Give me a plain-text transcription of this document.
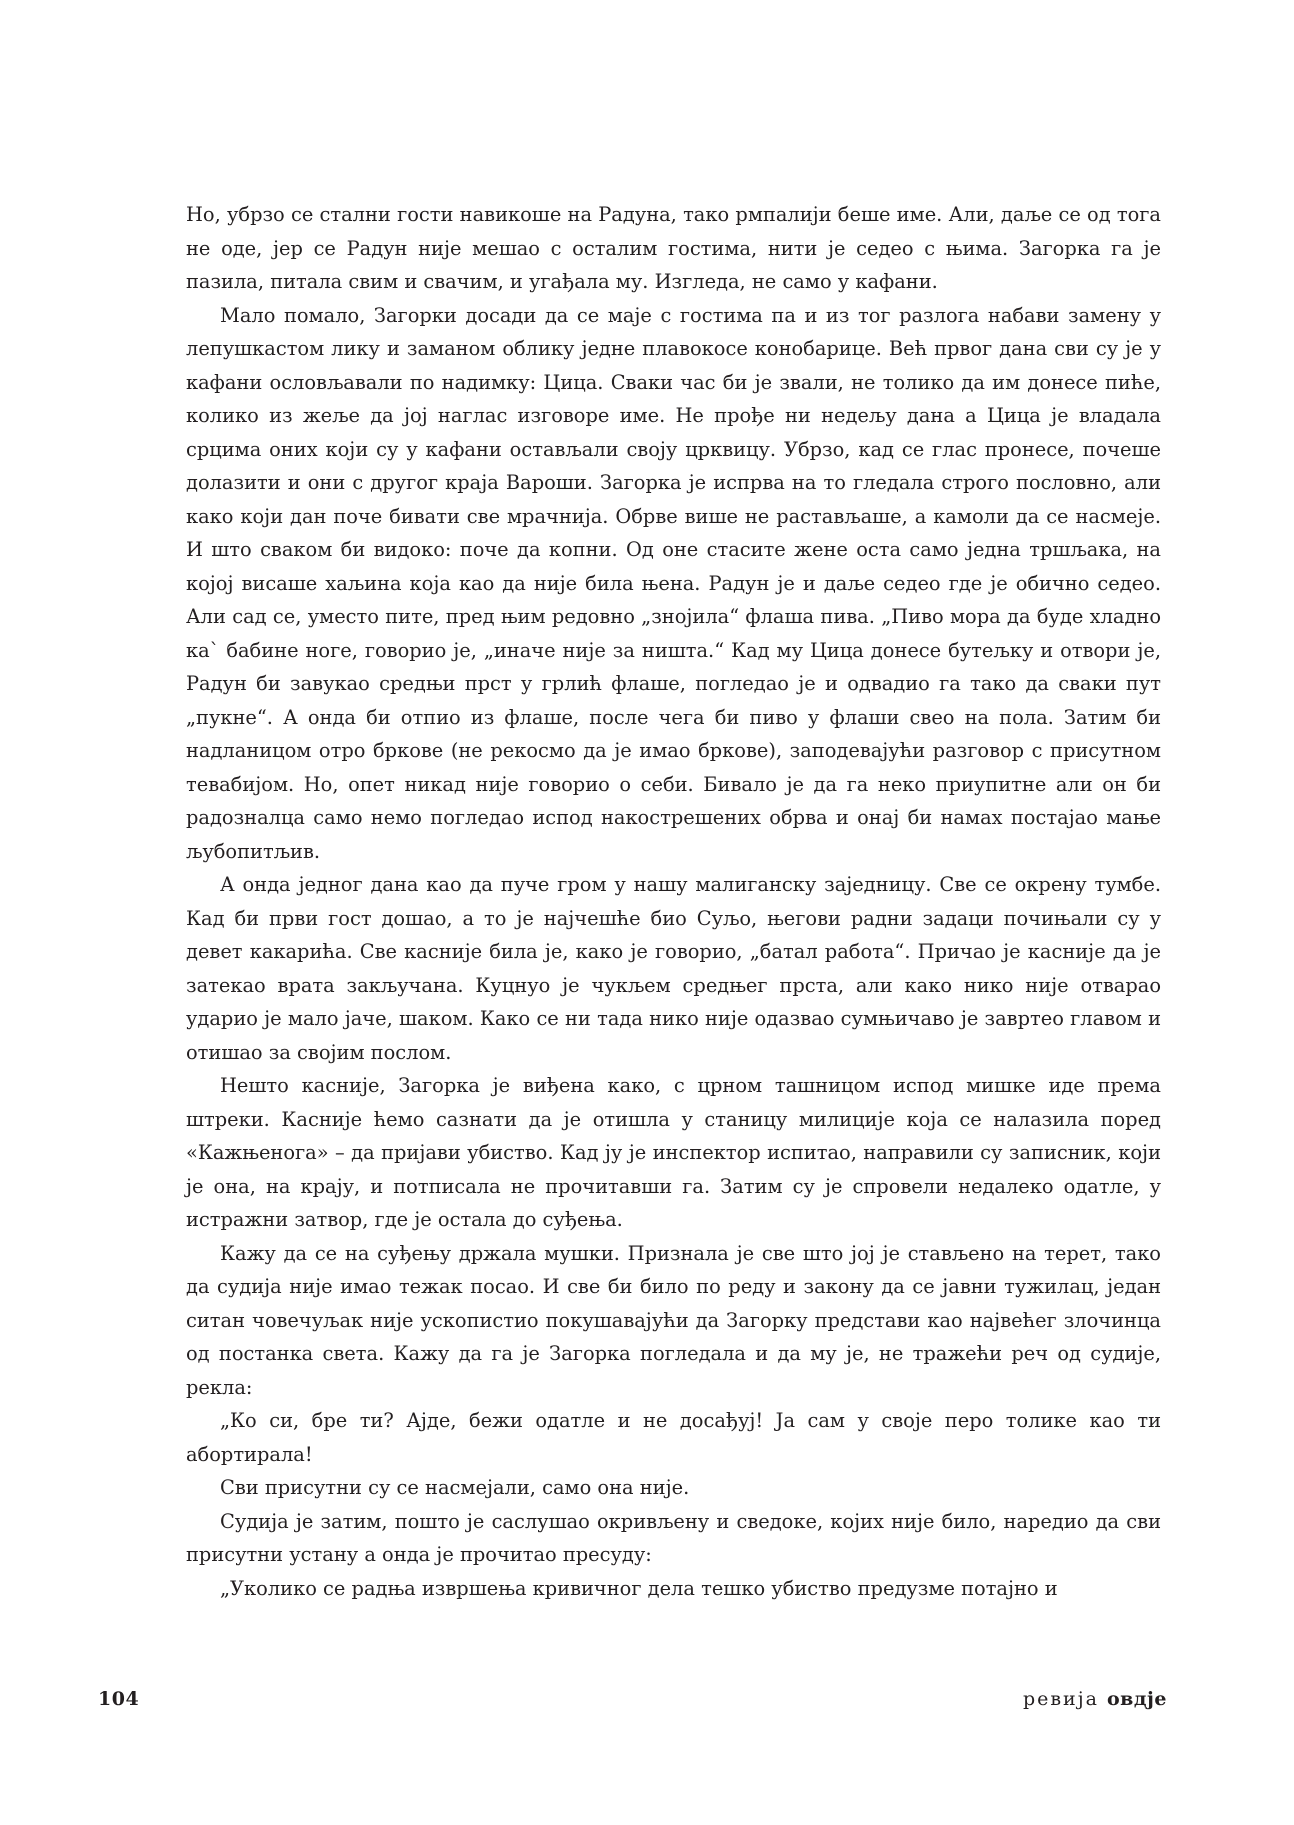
Но, убрзо се стални гости навикоше на Радуна, тако рмпалији беше име. Али, даље се од тога не оде, јер се Радун није мешао с осталим гостима, нити је седео с њима. Загорка га је пазила, питала свим и свачим, и угађала му. Изгледа, не само у кафани.

Мало помало, Загорки досади да се маје с гостима па и из тог разлога набави замену у лепушкастом лику и заманом облику једне плавокосе конобарице. Већ првог дана сви су је у кафани ословљавали по надимку: Цица. Сваки час би је звали, не толико да им донесе пиће, колико из жеље да јој наглас изговоре име. Не прође ни недељу дана а Цица је владала срцима оних који су у кафани остављали своју црквицу. Убрзо, кад се глас пронесе, почеше долазити и они с другог краја Вароши. Загорка је испрва на то гледала строго пословно, али како који дан поче бивати све мрачнија. Обрве више не растављаше, а камоли да се насмеје. И што сваком би видоко: поче да копни. Од оне стасите жене оста само једна тршљака, на којој висаше хаљина која као да није била њена. Радун је и даље седео где је обично седео. Али сад се, уместо пите, пред њим редовно „знојила“ флаша пива. „Пиво мора да буде хладно ка` бабине ноге, говорио је, „иначе није за ништа.“ Кад му Цица донесе бутељку и отвори је, Радун би завукао средњи прст у грлић флаше, погледао је и одвадио га тако да сваки пут „пукне“. А онда би отпио из флаше, после чега би пиво у флаши свео на пола. Затим би надланицом отро бркове (не рекосмо да је имао бркове), заподевајући разговор с присутном тевабијом. Но, опет никад није говорио о себи. Бивало је да га неко приупитне али он би радозналца само немо погледао испод накострешених обрва и онај би намах постајао мање љубопитљив.

А онда једног дана као да пуче гром у нашу малиганску заједницу. Све се окрену тумбе. Кад би први гост дошао, а то је најчешће био Суљо, његови радни задаци почињали су у девет какарића. Све касније била је, како је говорио, „батал работа“. Причао је касније да је затекао врата закључана. Куцнуо је чукљем средњег прста, али како нико није отварао ударио је мало јаче, шаком. Како се ни тада нико није одазвао сумњичаво је завртео главом и отишао за својим послом.

Нешто касније, Загорка је виђена како, с црном ташницом испод мишке иде према штреки. Касније ћемо сазнати да је отишла у станицу милиције која се налазила поред «Кажњенога» – да пријави убиство. Кад ју је инспектор испитао, направили су записник, који је она, на крају, и потписала не прочитавши га. Затим су је спровели недалеко одатле, у истражни затвор, где је остала до суђења.

Кажу да се на суђењу држала мушки. Признала је све што јој је стављено на терет, тако да судија није имао тежак посао. И све би било по реду и закону да се јавни тужилац, један ситан човечуљак није ускопистио покушавајући да Загорку представи као највећег злочинца од постанка света. Кажу да га је Загорка погледала и да му је, не тражећи реч од судије, рекла:

„Ко си, бре ти? Ајде, бежи одатле и не досађуј! Ја сам у своје перо толике као ти абортирала!

Сви присутни су се насмејали, само она није.

Судија је затим, пошто је саслушао окривљену и сведоке, којих није било, наредио да сви присутни устану а онда је прочитао пресуду:

„Уколико се радња извршења кривичног дела тешко убиство предузме потајно и

104	ревија овдје
